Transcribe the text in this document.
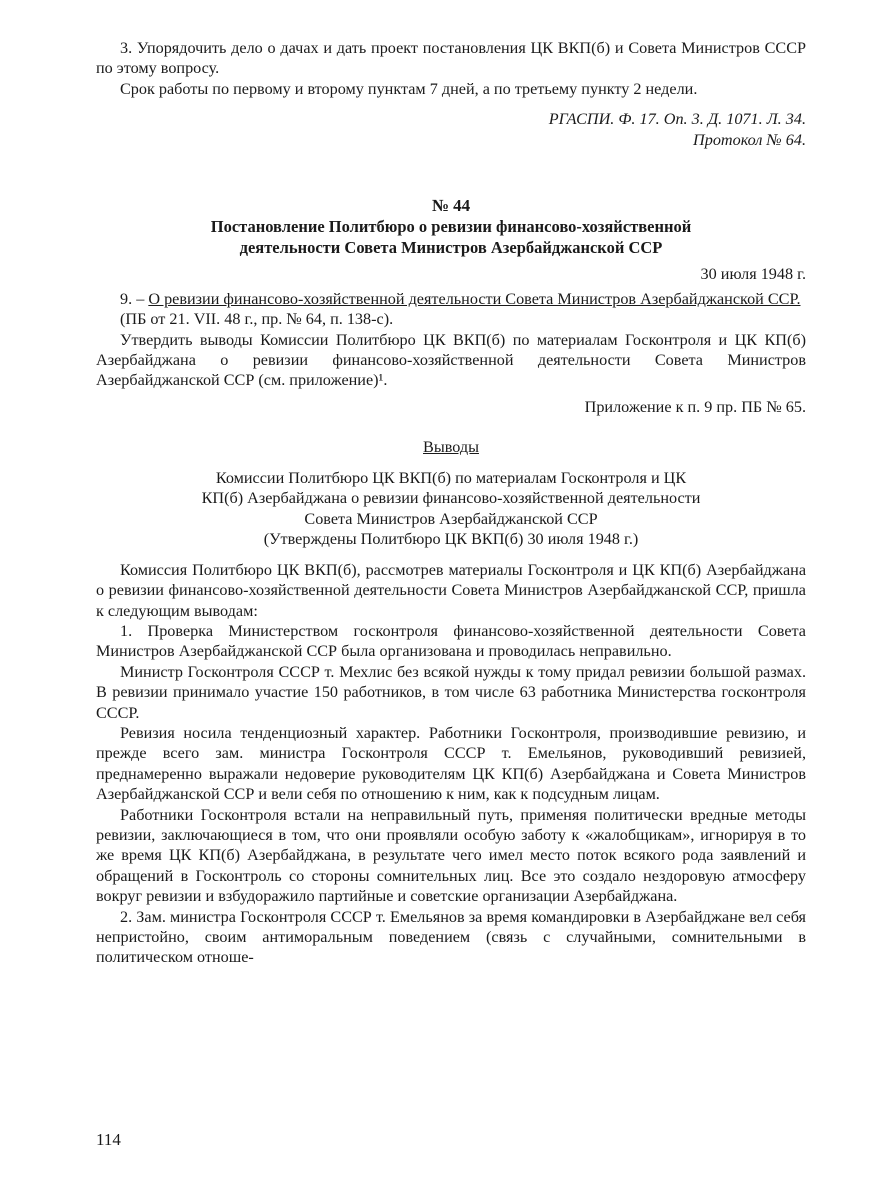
3. Упорядочить дело о дачах и дать проект постановления ЦК ВКП(б) и Совета Министров СССР по этому вопросу.

Срок работы по первому и второму пунктам 7 дней, а по третьему пункту 2 недели.

РГАСПИ. Ф. 17. Оп. 3. Д. 1071. Л. 34.

Протокол № 64.

№ 44

Постановление Политбюро о ревизии финансово-хозяйственной

деятельности Совета Министров Азербайджанской ССР

30 июля 1948 г.

9. – О ревизии финансово-хозяйственной деятельности Совета Министров Азербайджанской ССР.

(ПБ от 21. VII. 48 г., пр. № 64, п. 138-с).

Утвердить выводы Комиссии Политбюро ЦК ВКП(б) по материалам Госконтроля и ЦК КП(б) Азербайджана о ревизии финансово-хозяйственной деятельности Совета Министров Азербайджанской ССР (см. приложение)¹.

Приложение к п. 9 пр. ПБ № 65.

Выводы

Комиссии Политбюро ЦК ВКП(б) по материалам Госконтроля и ЦК

КП(б) Азербайджана о ревизии финансово-хозяйственной деятельности

Совета Министров Азербайджанской ССР

(Утверждены Политбюро ЦК ВКП(б) 30 июля 1948 г.)

Комиссия Политбюро ЦК ВКП(б), рассмотрев материалы Госконтроля и ЦК КП(б) Азербайджана о ревизии финансово-хозяйственной деятельности Совета Министров Азербайджанской ССР, пришла к следующим выводам:

1. Проверка Министерством госконтроля финансово-хозяйственной деятельности Совета Министров Азербайджанской ССР была организована и проводилась неправильно.

Министр Госконтроля СССР т. Мехлис без всякой нужды к тому придал ревизии большой размах. В ревизии принимало участие 150 работников, в том числе 63 работника Министерства госконтроля СССР.

Ревизия носила тенденциозный характер. Работники Госконтроля, производившие ревизию, и прежде всего зам. министра Госконтроля СССР т. Емельянов, руководивший ревизией, преднамеренно выражали недоверие руководителям ЦК КП(б) Азербайджана и Совета Министров Азербайджанской ССР и вели себя по отношению к ним, как к подсудным лицам.

Работники Госконтроля встали на неправильный путь, применяя политически вредные методы ревизии, заключающиеся в том, что они проявляли особую заботу к «жалобщикам», игнорируя в то же время ЦК КП(б) Азербайджана, в результате чего имел место поток всякого рода заявлений и обращений в Госконтроль со стороны сомнительных лиц. Все это создало нездоровую атмосферу вокруг ревизии и взбудоражило партийные и советские организации Азербайджана.

2. Зам. министра Госконтроля СССР т. Емельянов за время командировки в Азербайджане вел себя непристойно, своим антиморальным поведением (связь с случайными, сомнительными в политическом отноше-

114
